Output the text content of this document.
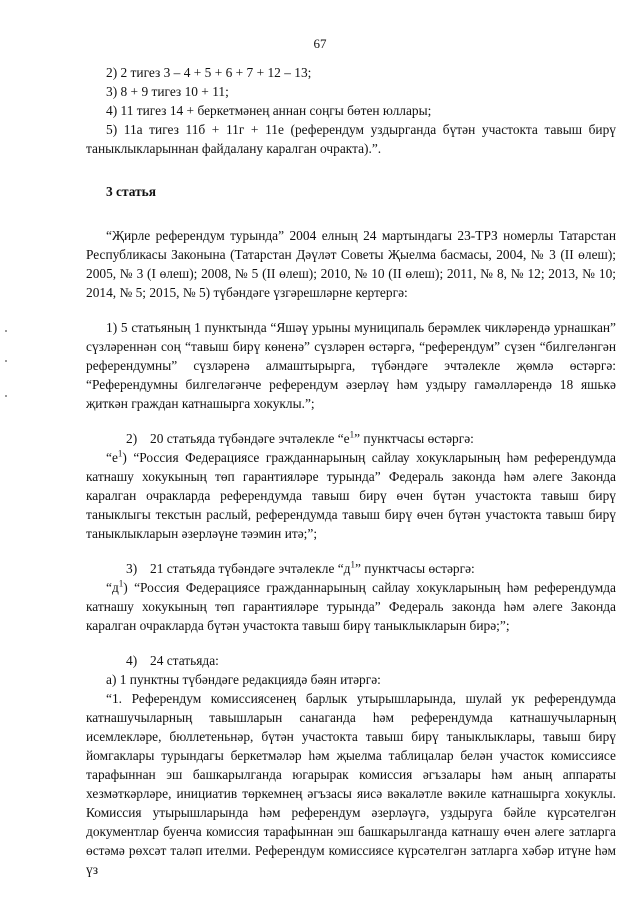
67

2) 2 тигез 3 – 4 + 5 + 6 + 7 + 12 – 13;

3) 8 + 9 тигез 10 + 11;

4) 11 тигез 14 + беркетмәнең аннан соңгы бөтен юллары;

5) 11а тигез 11б + 11г + 11е (референдум уздырганда бүтән участокта тавыш бирү таныклыкларыннан файдалану каралган очракта).”.

3 статья

“Җирле референдум турында” 2004 елның 24 мартындагы 23-ТРЗ номерлы Татарстан Республикасы Законына (Татарстан Дәүләт Советы Җыелма басмасы, 2004, № 3 (II өлеш); 2005, № 3 (I өлеш); 2008, № 5 (II өлеш); 2010, № 10 (II өлеш); 2011, № 8, № 12; 2013, № 10; 2014, № 5; 2015, № 5) түбәндәге үзгәрешләрне кертергә:

1) 5 статьяның 1 пунктында “Яшәү урыны муниципаль берәмлек чикләрендә урнашкан” сүзләреннән соң “тавыш бирү көненә” сүзләрен өстәргә, “референдум” сүзен “билгеләнгән референдумны” сүзләренә алмаштырырга, түбәндәге эчтәлекле җөмлә өстәргә: “Референдумны билгеләгәнче референдум әзерләү һәм уздыру гамәлләрендә 18 яшькә җиткән граждан катнашырга хокуклы.”;

2) 20 статьяда түбәндәге эчтәлекле “$е^1$” пунктчасы өстәргә:

“$е^1$) “Россия Федерациясе гражданнарының сайлау хокукларының һәм референдумда катнашу хокукының төп гарантияләре турында” Федераль законда һәм әлеге Законда каралган очракларда референдумда тавыш бирү өчен бүтән участокта тавыш бирү таныклыгы текстын раслый, референдумда тавыш бирү өчен бүтән участокта тавыш бирү таныклыкларын әзерләүне тәэмин итә;”;

3) 21 статьяда түбәндәге эчтәлекле “$д^1$” пунктчасы өстәргә:

“$д^1$) “Россия Федерациясе гражданнарының сайлау хокукларының һәм референдумда катнашу хокукының төп гарантияләре турында” Федераль законда һәм әлеге Законда каралган очракларда бүтән участокта тавыш бирү таныклыкларын бирә;”;

4) 24 статьяда:

а) 1 пунктны түбәндәге редакциядә бәян итәргә:

“1. Референдум комиссиясенең барлык утырышларында, шулай ук референдумда катнашучыларның тавышларын санаганда һәм референдумда катнашучыларның исемлекләре, бюллетеньнәр, бүтән участокта тавыш бирү таныклыклары, тавыш бирү йомгаклары турындагы беркетмәләр һәм җыелма таблицалар белән участок комиссиясе тарафыннан эш башкарылганда югарырак комиссия әгъзалары һәм аның аппараты хезмәткәрләре, инициатив төркемнең әгъзасы яисә вәкаләтле вәкиле катнашырга хокуклы. Комиссия утырышларында һәм референдум әзерләүгә, уздыруга бәйле күрсәтелгән документлар буенча комиссия тарафыннан эш башкарылганда катнашу өчен әлеге затларга өстәмә рөхсәт таләп ителми. Референдум комиссиясе күрсәтелгән затларга хәбәр итүне һәм үз
